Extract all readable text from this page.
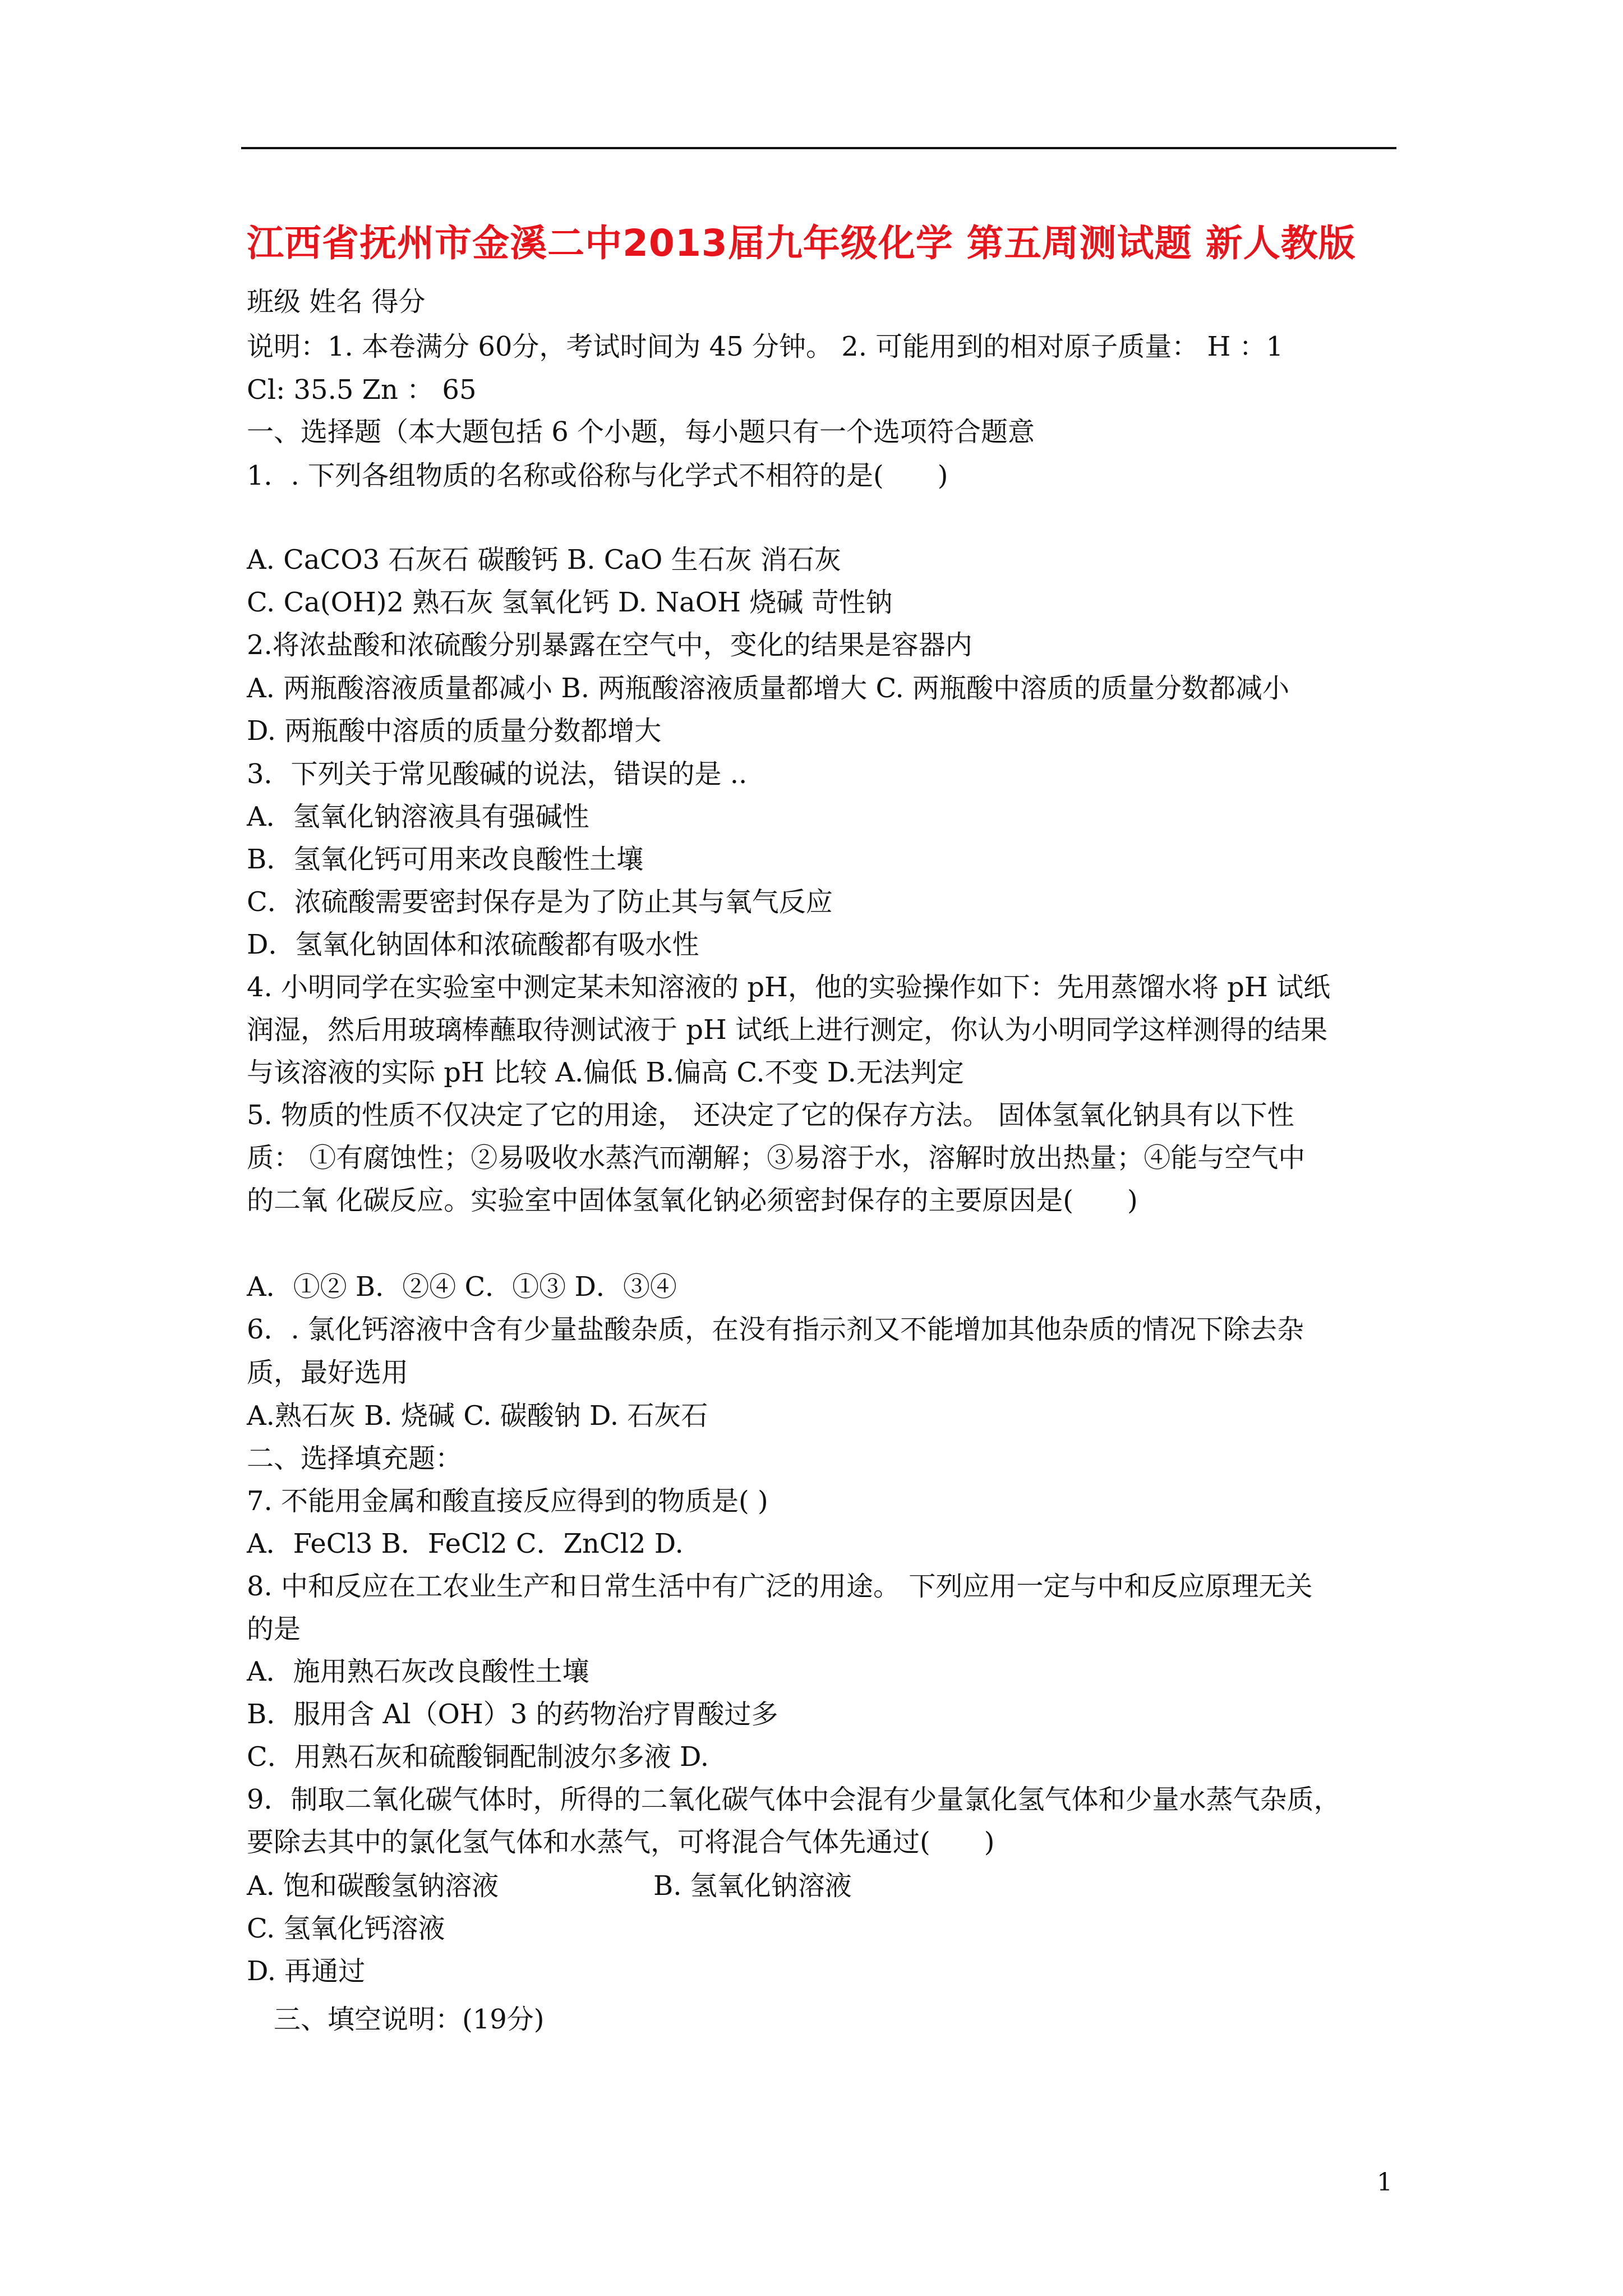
江西省抚州市金溪二中2013届九年级化学 第五周测试题 新人教版
班级 姓名 得分
说明：1. 本卷满分 60分，考试时间为 45 分钟。 2. 可能用到的相对原子质量： H ：1
Cl: 35.5 Zn ： 65
一、选择题（本大题包括 6 个小题，每小题只有一个选项符合题意
1．. 下列各组物质的名称或俗称与化学式不相符的是(　　)
A. CaCO3 石灰石 碳酸钙 B. CaO 生石灰 消石灰
C. Ca(OH)2 熟石灰 氢氧化钙 D. NaOH 烧碱 苛性钠
2.将浓盐酸和浓硫酸分别暴露在空气中，变化的结果是容器内
A. 两瓶酸溶液质量都减小 B. 两瓶酸溶液质量都增大 C. 两瓶酸中溶质的质量分数都减小
D. 两瓶酸中溶质的质量分数都增大
3．下列关于常见酸碱的说法，错误的是 ..
A．氢氧化钠溶液具有强碱性
B．氢氧化钙可用来改良酸性土壤
C．浓硫酸需要密封保存是为了防止其与氧气反应
D．氢氧化钠固体和浓硫酸都有吸水性
4. 小明同学在实验室中测定某未知溶液的 pH，他的实验操作如下：先用蒸馏水将 pH 试纸
润湿，然后用玻璃棒蘸取待测试液于 pH 试纸上进行测定，你认为小明同学这样测得的结果
与该溶液的实际 pH 比较 A.偏低 B.偏高 C.不变 D.无法判定
5. 物质的性质不仅决定了它的用途， 还决定了它的保存方法。 固体氢氧化钠具有以下性
质： ①有腐蚀性；②易吸收水蒸汽而潮解；③易溶于水，溶解时放出热量；④能与空气中
的二氧 化碳反应。实验室中固体氢氧化钠必须密封保存的主要原因是(　　)
A．①② B．②④ C．①③ D．③④
6．. 氯化钙溶液中含有少量盐酸杂质，在没有指示剂又不能增加其他杂质的情况下除去杂
质，最好选用
A.熟石灰 B. 烧碱 C. 碳酸钠 D. 石灰石
二、选择填充题：
7. 不能用金属和酸直接反应得到的物质是( )
A．FeCl3 B．FeCl2 C．ZnCl2 D.
8. 中和反应在工农业生产和日常生活中有广泛的用途。 下列应用一定与中和反应原理无关
的是
A．施用熟石灰改良酸性土壤
B．服用含 Al（OH）3 的药物治疗胃酸过多
C．用熟石灰和硫酸铜配制波尔多液 D.
9．制取二氧化碳气体时，所得的二氧化碳气体中会混有少量氯化氢气体和少量水蒸气杂质，
要除去其中的氯化氢气体和水蒸气，可将混合气体先通过(　　)
A. 饱和碳酸氢钠溶液	B. 氢氧化钠溶液
C. 氢氧化钙溶液
D. 再通过
　三、填空说明：(19分)
1
